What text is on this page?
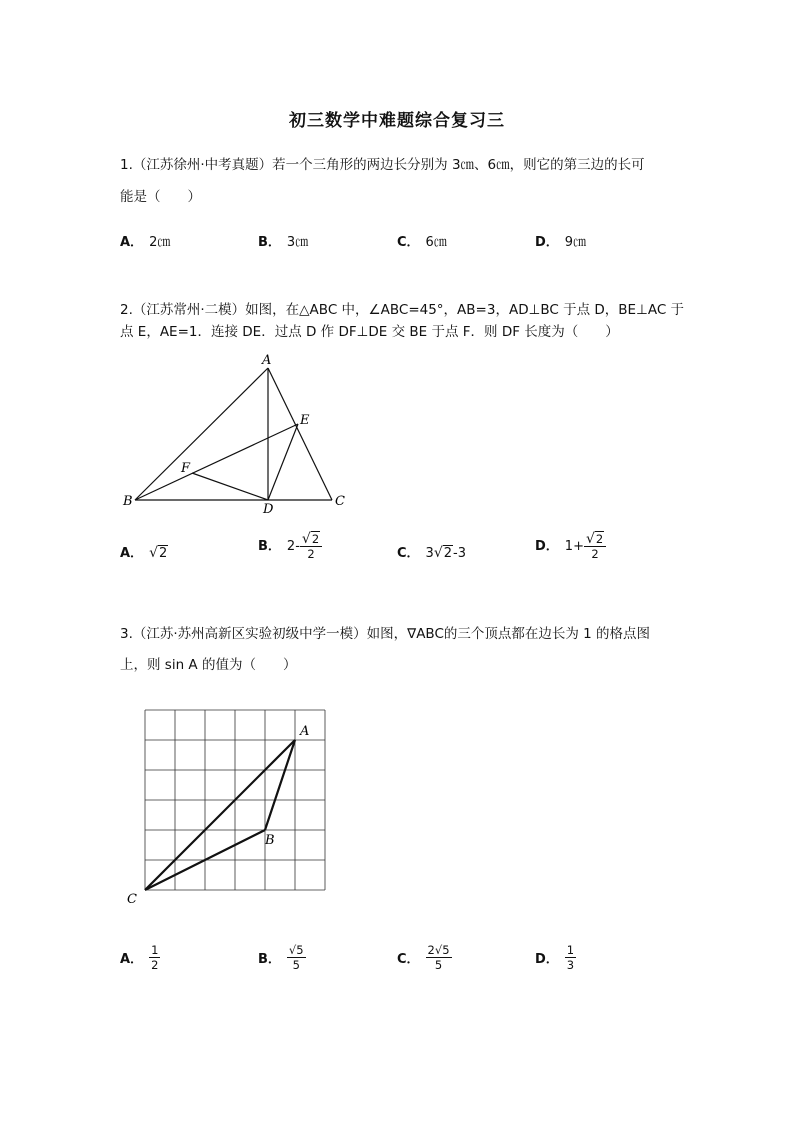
初三数学中难题综合复习三
1.（江苏徐州·中考真题）若一个三角形的两边长分别为 3㎝、6㎝，则它的第三边的长可
能是（　　）
A． 2㎝	B． 3㎝	C． 6㎝	D． 9㎝
2.（江苏常州·二模）如图，在△ABC 中，∠ABC=45°，AB=3，AD⊥BC 于点 D，BE⊥AC 于
点 E，AE=1．连接 DE．过点 D 作 DF⊥DE 交 BE 于点 F．则 DF 长度为（　　）
A
B	C
D
E
F
A． √2	B． $2- \frac{√2}{2}$	C． 3√2-3	D． $1+ \frac{√2}{2}$
3.（江苏·苏州高新区实验初级中学一模）如图，∇ABC的三个顶点都在边长为 1 的格点图
上，则 sin A 的值为（　　）
A
B
C
A． $\frac{1}{2}$	B． $\frac{√5}{5}$	C． $\frac{2√5}{5}$	D． $\frac{1}{3}$
